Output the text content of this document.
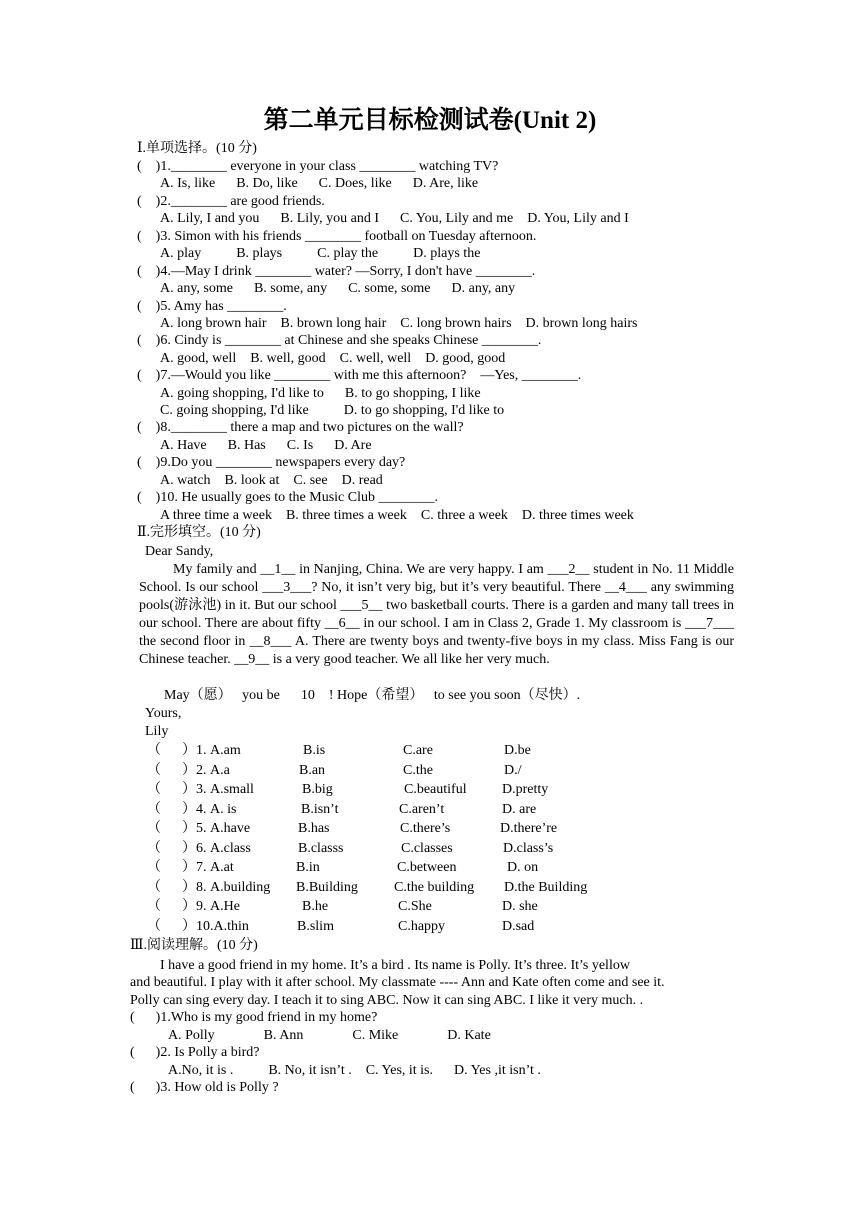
第二单元目标检测试卷(Unit 2)
Ⅰ.单项选择。(10 分)
(    )1.________ everyone in your class ________ watching TV?
A. Is, like      B. Do, like      C. Does, like      D. Are, like
(    )2.________ are good friends.
A. Lily, I and you      B. Lily, you and I      C. You, Lily and me    D. You, Lily and I
(    )3. Simon with his friends ________ football on Tuesday afternoon.
A. play          B. plays          C. play the          D. plays the
(    )4.—May I drink ________ water? —Sorry, I don't have ________.
A. any, some      B. some, any      C. some, some      D. any, any
(    )5. Amy has ________.
A. long brown hair    B. brown long hair    C. long brown hairs    D. brown long hairs
(    )6. Cindy is ________ at Chinese and she speaks Chinese ________.
A. good, well    B. well, good    C. well, well    D. good, good
(    )7.—Would you like ________ with me this afternoon?    —Yes, ________.
A. going shopping, I'd like to      B. to go shopping, I like
C. going shopping, I'd like          D. to go shopping, I'd like to
(    )8.________ there a map and two pictures on the wall?
A. Have      B. Has      C. Is      D. Are
(    )9.Do you ________ newspapers every day?
A. watch    B. look at    C. see    D. read
(    )10. He usually goes to the Music Club ________.
A three time a week    B. three times a week    C. three a week    D. three times week
Ⅱ.完形填空。(10 分)
Dear Sandy,
My family and __1__ in Nanjing, China. We are very happy. I am ___2__ student in No. 11 Middle School. Is our school ___3___? No, it isn’t very big, but it’s very beautiful. There __4___ any swimming pools(游泳池) in it. But our school ___5__ two basketball courts. There is a garden and many tall trees in our school. There are about fifty __6__ in our school. I am in Class 2, Grade 1. My classroom is ___7___ the second floor in __8___ A. There are twenty boys and twenty-five boys in my class. Miss Fang is our Chinese teacher. __9__ is a very good teacher. We all like her very much.
May（愿）   you be      10    ! Hope（希望）   to see you soon（尽快）.
Yours,
Lily
（      ）1. A.am	B.is	C.are	D.be
（      ）2. A.a	B.an	C.the	D./
（      ）3. A.small	B.big	C.beautiful	D.pretty
（      ）4. A. is	B.isn’t	C.aren’t	D. are
（      ）5. A.have	B.has	C.there’s	D.there’re
（      ）6. A.class	B.classs	C.classes	D.class’s
（      ）7. A.at	B.in	C.between	D. on
（      ）8. A.building B.Building	C.the building D.the Building
（      ）9. A.He	B.he	C.She	D. she
（      ）10.A.thin	B.slim	C.happy	D.sad
Ⅲ.阅读理解。(10 分)
I have a good friend in my home. It’s a bird . Its name is Polly. It’s three. It’s yellow
and beautiful. I play with it after school. My classmate ---- Ann and Kate often come and see it.
Polly can sing every day. I teach it to sing ABC. Now it can sing ABC. I like it very much. .
(      )1.Who is my good friend in my home?
A. Polly              B. Ann              C. Mike              D. Kate
(      )2. Is Polly a bird?
A.No, it is .          B. No, it isn’t .    C. Yes, it is.      D. Yes ,it isn’t .
(      )3. How old is Polly ?
